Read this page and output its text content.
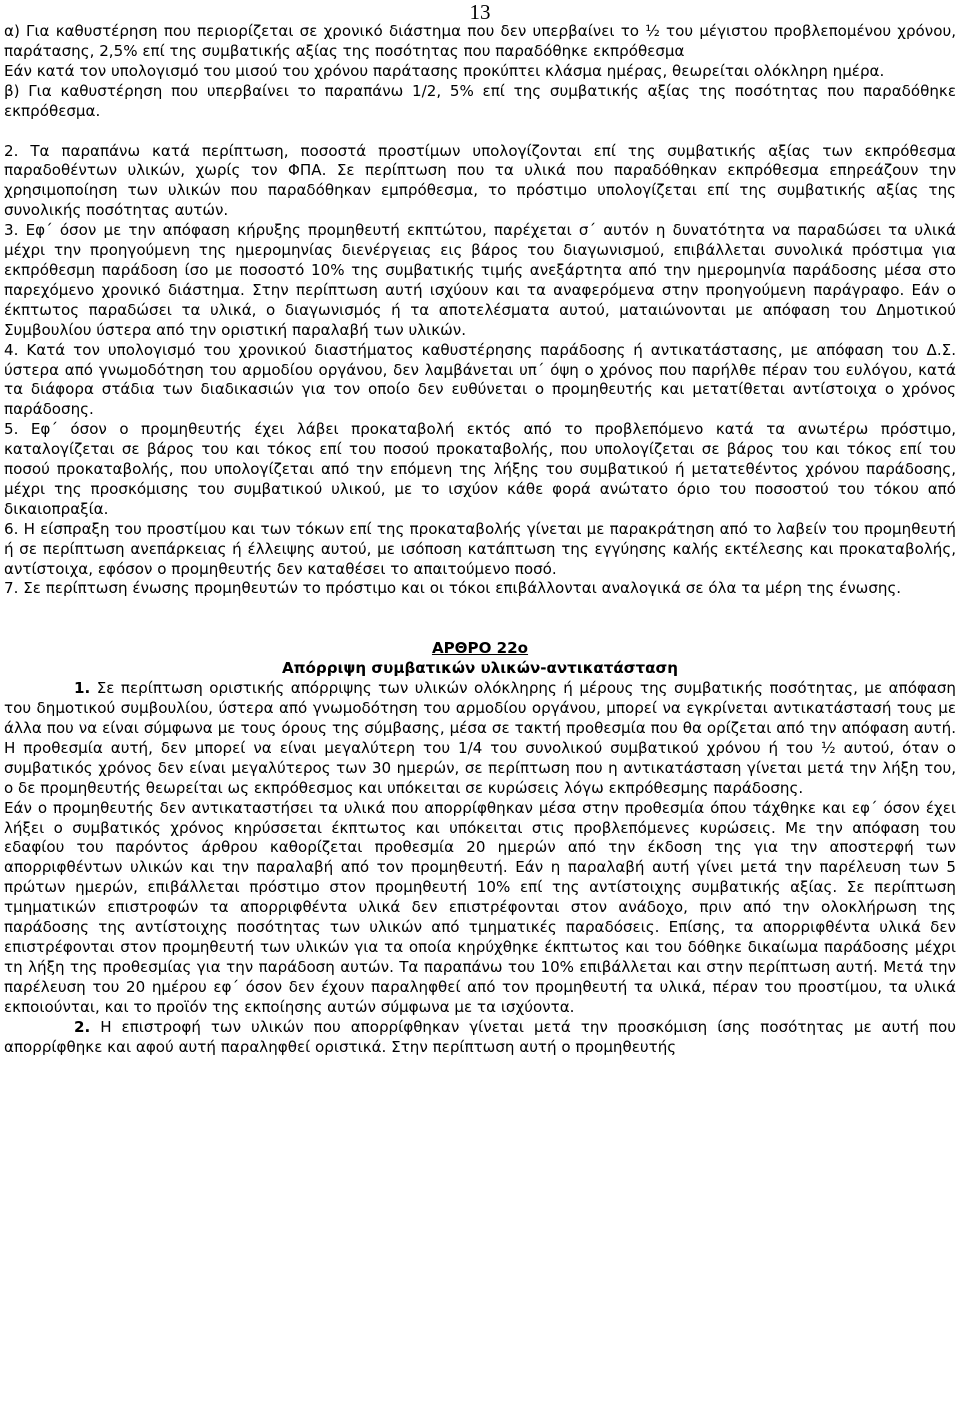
13

α) Για καθυστέρηση που περιορίζεται σε χρονικό διάστημα που δεν υπερβαίνει το ½ του μέγιστου προβλεπομένου χρόνου, παράτασης, 2,5% επί της συμβατικής αξίας της ποσότητας που παραδόθηκε εκπρόθεσμα

Εάν κατά τον υπολογισμό του μισού του χρόνου παράτασης προκύπτει κλάσμα ημέρας, θεωρείται ολόκληρη ημέρα.

β) Για καθυστέρηση που υπερβαίνει το παραπάνω 1/2, 5% επί της συμβατικής αξίας της ποσότητας που παραδόθηκε εκπρόθεσμα.

2. Τα παραπάνω κατά περίπτωση, ποσοστά προστίμων υπολογίζονται επί της συμβατικής αξίας των εκπρόθεσμα παραδοθέντων υλικών, χωρίς τον ΦΠΑ. Σε περίπτωση που τα υλικά που παραδόθηκαν εκπρόθεσμα επηρεάζουν την χρησιμοποίηση των υλικών που παραδόθηκαν εμπρόθεσμα, το πρόστιμο υπολογίζεται επί της συμβατικής αξίας της συνολικής ποσότητας αυτών.

3. Εφ΄ όσον με την απόφαση κήρυξης προμηθευτή εκπτώτου, παρέχεται σ΄ αυτόν η δυνατότητα να παραδώσει τα υλικά μέχρι την προηγούμενη της ημερομηνίας διενέργειας εις βάρος του διαγωνισμού, επιβάλλεται συνολικά πρόστιμα για εκπρόθεσμη παράδοση ίσο με ποσοστό 10% της συμβατικής τιμής ανεξάρτητα από την ημερομηνία παράδοσης μέσα στο παρεχόμενο χρονικό διάστημα. Στην περίπτωση αυτή ισχύουν και τα αναφερόμενα στην προηγούμενη παράγραφο. Εάν ο έκπτωτος παραδώσει τα υλικά, ο διαγωνισμός ή τα αποτελέσματα αυτού, ματαιώνονται με απόφαση του Δημοτικού Συμβουλίου ύστερα από την οριστική παραλαβή των υλικών.

4. Κατά τον υπολογισμό του χρονικού διαστήματος καθυστέρησης παράδοσης ή αντικατάστασης, με απόφαση του Δ.Σ. ύστερα από γνωμοδότηση του αρμοδίου οργάνου, δεν λαμβάνεται υπ΄ όψη ο χρόνος που παρήλθε πέραν του ευλόγου, κατά τα διάφορα στάδια των διαδικασιών για τον οποίο δεν ευθύνεται ο προμηθευτής και μετατίθεται αντίστοιχα ο χρόνος παράδοσης.

5. Εφ΄ όσον ο προμηθευτής έχει λάβει προκαταβολή εκτός από το προβλεπόμενο κατά τα ανωτέρω πρόστιμο, καταλογίζεται σε βάρος του και τόκος επί του ποσού προκαταβολής, που υπολογίζεται σε βάρος του και τόκος επί του ποσού προκαταβολής, που υπολογίζεται από την επόμενη της λήξης του συμβατικού ή μετατεθέντος χρόνου παράδοσης, μέχρι της προσκόμισης του συμβατικού υλικού, με το ισχύον κάθε φορά ανώτατο όριο του ποσοστού του τόκου από δικαιοπραξία.

6. Η είσπραξη του προστίμου και των τόκων επί της προκαταβολής γίνεται με παρακράτηση από το λαβείν του προμηθευτή ή σε περίπτωση ανεπάρκειας ή έλλειψης αυτού, με ισόποση κατάπτωση της εγγύησης καλής εκτέλεσης και προκαταβολής, αντίστοιχα, εφόσον ο προμηθευτής δεν καταθέσει το απαιτούμενο ποσό.

7. Σε περίπτωση ένωσης προμηθευτών το πρόστιμο και οι τόκοι επιβάλλονται αναλογικά σε όλα τα μέρη της ένωσης.

ΑΡΘΡΟ 22ο

Απόρριψη συμβατικών υλικών-αντικατάσταση

1. Σε περίπτωση οριστικής απόρριψης των υλικών ολόκληρης ή μέρους της συμβατικής ποσότητας, με απόφαση του δημοτικού συμβουλίου, ύστερα από γνωμοδότηση του αρμοδίου οργάνου, μπορεί να εγκρίνεται αντικατάστασή τους με άλλα που να είναι σύμφωνα με τους όρους της σύμβασης, μέσα σε τακτή προθεσμία που θα ορίζεται από την απόφαση αυτή. Η προθεσμία αυτή, δεν μπορεί να είναι μεγαλύτερη του 1/4 του συνολικού συμβατικού χρόνου ή του ½ αυτού, όταν ο συμβατικός χρόνος δεν είναι μεγαλύτερος των 30 ημερών, σε περίπτωση που η αντικατάσταση γίνεται μετά την λήξη του, ο δε προμηθευτής θεωρείται ως εκπρόθεσμος και υπόκειται σε κυρώσεις λόγω εκπρόθεσμης παράδοσης.

Εάν ο προμηθευτής δεν αντικαταστήσει τα υλικά που απορρίφθηκαν μέσα στην προθεσμία όπου τάχθηκε και εφ΄ όσον έχει λήξει ο συμβατικός χρόνος κηρύσσεται έκπτωτος και υπόκειται στις προβλεπόμενες κυρώσεις. Με την απόφαση του εδαφίου του παρόντος άρθρου καθορίζεται προθεσμία 20 ημερών από την έκδοση της για την αποστερφή των απορριφθέντων υλικών και την παραλαβή από τον προμηθευτή. Εάν η παραλαβή αυτή γίνει μετά την παρέλευση των 5 πρώτων ημερών, επιβάλλεται πρόστιμο στον προμηθευτή 10% επί της αντίστοιχης συμβατικής αξίας. Σε περίπτωση τμηματικών επιστροφών τα απορριφθέντα υλικά δεν επιστρέφονται στον ανάδοχο, πριν από την ολοκλήρωση της παράδοσης της αντίστοιχης ποσότητας των υλικών από τμηματικές παραδόσεις. Επίσης, τα απορριφθέντα υλικά δεν επιστρέφονται στον προμηθευτή των υλικών για τα οποία κηρύχθηκε έκπτωτος και του δόθηκε δικαίωμα παράδοσης μέχρι τη λήξη της προθεσμίας για την παράδοση αυτών. Τα παραπάνω του 10% επιβάλλεται και στην περίπτωση αυτή. Μετά την παρέλευση του 20 ημέρου εφ΄ όσον δεν έχουν παραληφθεί από τον προμηθευτή τα υλικά, πέραν του προστίμου, τα υλικά εκποιούνται, και το προϊόν της εκποίησης αυτών σύμφωνα με τα ισχύοντα.

2. Η επιστροφή των υλικών που απορρίφθηκαν γίνεται μετά την προσκόμιση ίσης ποσότητας με αυτή που απορρίφθηκε και αφού αυτή παραληφθεί οριστικά. Στην περίπτωση αυτή ο προμηθευτής
